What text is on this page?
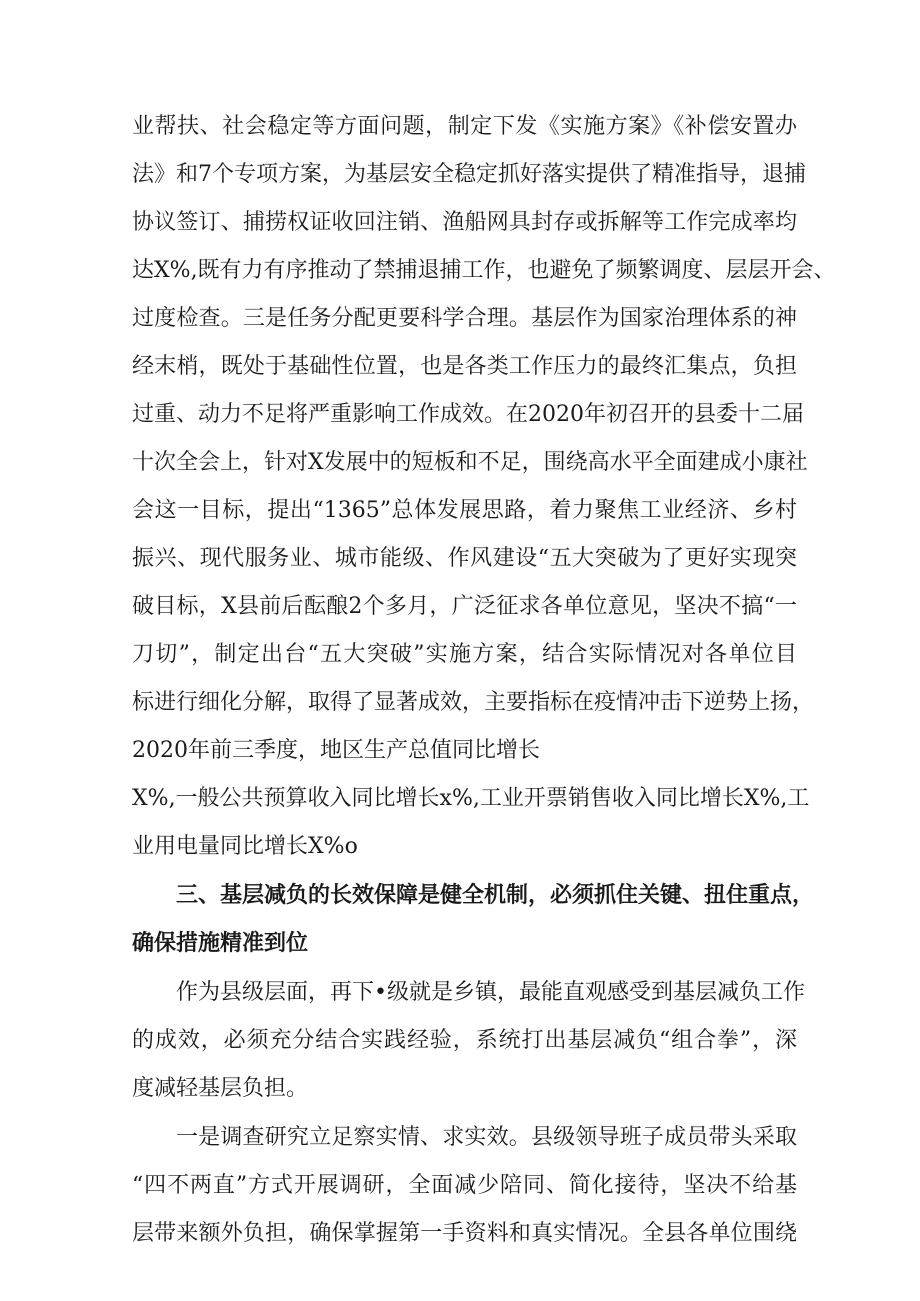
业帮扶、社会稳定等方面问题，制定下发《实施方案》《补偿安置办
法》和7个专项方案，为基层安全稳定抓好落实提供了精准指导，退捕
协议签订、捕捞权证收回注销、渔船网具封存或拆解等工作完成率均
达X%,既有力有序推动了禁捕退捕工作，也避免了频繁调度、层层开会、
过度检查。三是任务分配更要科学合理。基层作为国家治理体系的神
经末梢，既处于基础性位置，也是各类工作压力的最终汇集点，负担
过重、动力不足将严重影响工作成效。在2020年初召开的县委十二届
十次全会上，针对X发展中的短板和不足，围绕高水平全面建成小康社
会这一目标，提出“1365”总体发展思路，着力聚焦工业经济、乡村
振兴、现代服务业、城市能级、作风建设“五大突破为了更好实现突
破目标，X县前后酝酿2个多月，广泛征求各单位意见，坚决不搞“一
刀切”，制定出台“五大突破”实施方案，结合实际情况对各单位目
标进行细化分解，取得了显著成效，主要指标在疫情冲击下逆势上扬，
2020年前三季度，地区生产总值同比增长
X%,一般公共预算收入同比增长x%,工业开票销售收入同比增长X%,工
业用电量同比增长X%o
三、基层减负的长效保障是健全机制，必须抓住关键、扭住重点，
确保措施精准到位
作为县级层面，再下•级就是乡镇，最能直观感受到基层减负工作
的成效，必须充分结合实践经验，系统打出基层减负“组合拳”，深
度减轻基层负担。
一是调查研究立足察实情、求实效。县级领导班子成员带头采取
“四不两直”方式开展调研，全面减少陪同、简化接待，坚决不给基
层带来额外负担，确保掌握第一手资料和真实情况。全县各单位围绕
